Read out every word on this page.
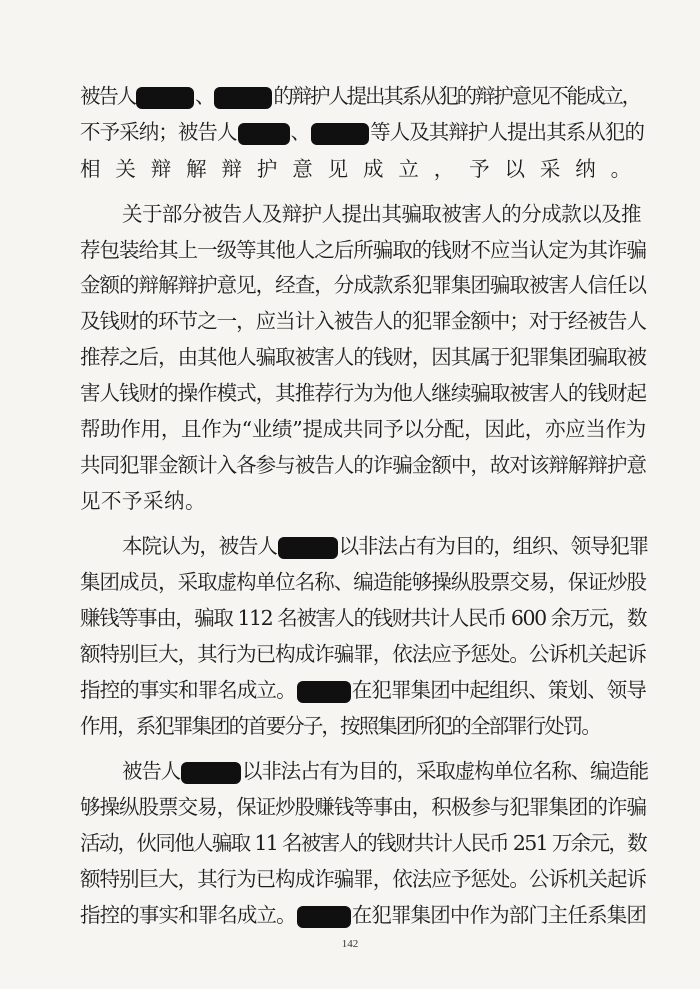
被告人	、	的辩护人提出其系从犯的辩护意见不能成立，
不予采纳；被告人	、	等人及其辩护人提出其系从犯的
相关辩解辩护意见成立，予以采纳。
关于部分被告人及辩护人提出其骗取被害人的分成款以及推
荐包装给其上一级等其他人之后所骗取的钱财不应当认定为其诈骗
金额的辩解辩护意见，经查，分成款系犯罪集团骗取被害人信任以
及钱财的环节之一，应当计入被告人的犯罪金额中；对于经被告人
推荐之后，由其他人骗取被害人的钱财，因其属于犯罪集团骗取被
害人钱财的操作模式，其推荐行为为他人继续骗取被害人的钱财起
帮助作用，且作为“业绩”提成共同予以分配，因此，亦应当作为
共同犯罪金额计入各参与被告人的诈骗金额中，故对该辩解辩护意
见不予采纳。
本院认为，被告人	以非法占有为目的，组织、领导犯罪
集团成员，采取虚构单位名称、编造能够操纵股票交易，保证炒股
赚钱等事由，骗取 112 名被害人的钱财共计人民币 600 余万元，数
额特别巨大，其行为已构成诈骗罪，依法应予惩处。公诉机关起诉
指控的事实和罪名成立。	在犯罪集团中起组织、策划、领导
作用，系犯罪集团的首要分子，按照集团所犯的全部罪行处罚。
被告人	以非法占有为目的，采取虚构单位名称、编造能
够操纵股票交易，保证炒股赚钱等事由，积极参与犯罪集团的诈骗
活动，伙同他人骗取 11 名被害人的钱财共计人民币 251 万余元，数
额特别巨大，其行为已构成诈骗罪，依法应予惩处。公诉机关起诉
指控的事实和罪名成立。	在犯罪集团中作为部门主任系集团
142
